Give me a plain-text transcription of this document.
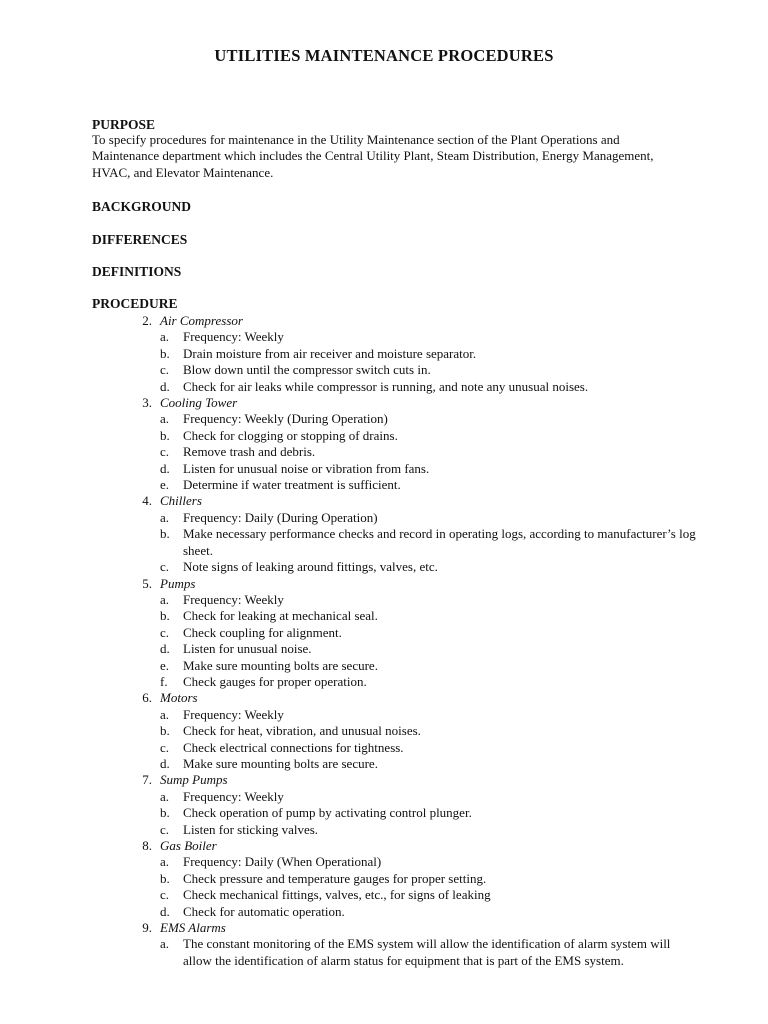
UTILITIES MAINTENANCE PROCEDURES
PURPOSE
To specify procedures for maintenance in the Utility Maintenance section of the Plant Operations and Maintenance department which includes the Central Utility Plant, Steam Distribution, Energy Management, HVAC, and Elevator Maintenance.
BACKGROUND
DIFFERENCES
DEFINITIONS
PROCEDURE
2. Air Compressor
a.	Frequency: Weekly
b.	Drain moisture from air receiver and moisture separator.
c.	Blow down until the compressor switch cuts in.
d.	Check for air leaks while compressor is running, and note any unusual noises.
3. Cooling Tower
a.	Frequency: Weekly (During Operation)
b.	Check for clogging or stopping of drains.
c.	Remove trash and debris.
d.	Listen for unusual noise or vibration from fans.
e.	Determine if water treatment is sufficient.
4. Chillers
a.	Frequency: Daily (During Operation)
b.	Make necessary performance checks and record in operating logs, according to manufacturer’s log sheet.
c.	Note signs of leaking around fittings, valves, etc.
5. Pumps
a.	Frequency: Weekly
b.	Check for leaking at mechanical seal.
c.	Check coupling for alignment.
d.	Listen for unusual noise.
e.	Make sure mounting bolts are secure.
f.	Check gauges for proper operation.
6. Motors
a.	Frequency: Weekly
b.	Check for heat, vibration, and unusual noises.
c.	Check electrical connections for tightness.
d.	Make sure mounting bolts are secure.
7. Sump Pumps
a.	Frequency: Weekly
b.	Check operation of pump by activating control plunger.
c.	Listen for sticking valves.
8. Gas Boiler
a.	Frequency: Daily (When Operational)
b.	Check pressure and temperature gauges for proper setting.
c.	Check mechanical fittings, valves, etc., for signs of leaking
d.	Check for automatic operation.
9. EMS Alarms
a.	The constant monitoring of the EMS system will allow the identification of alarm system will allow the identification of alarm status for equipment that is part of the EMS system.
